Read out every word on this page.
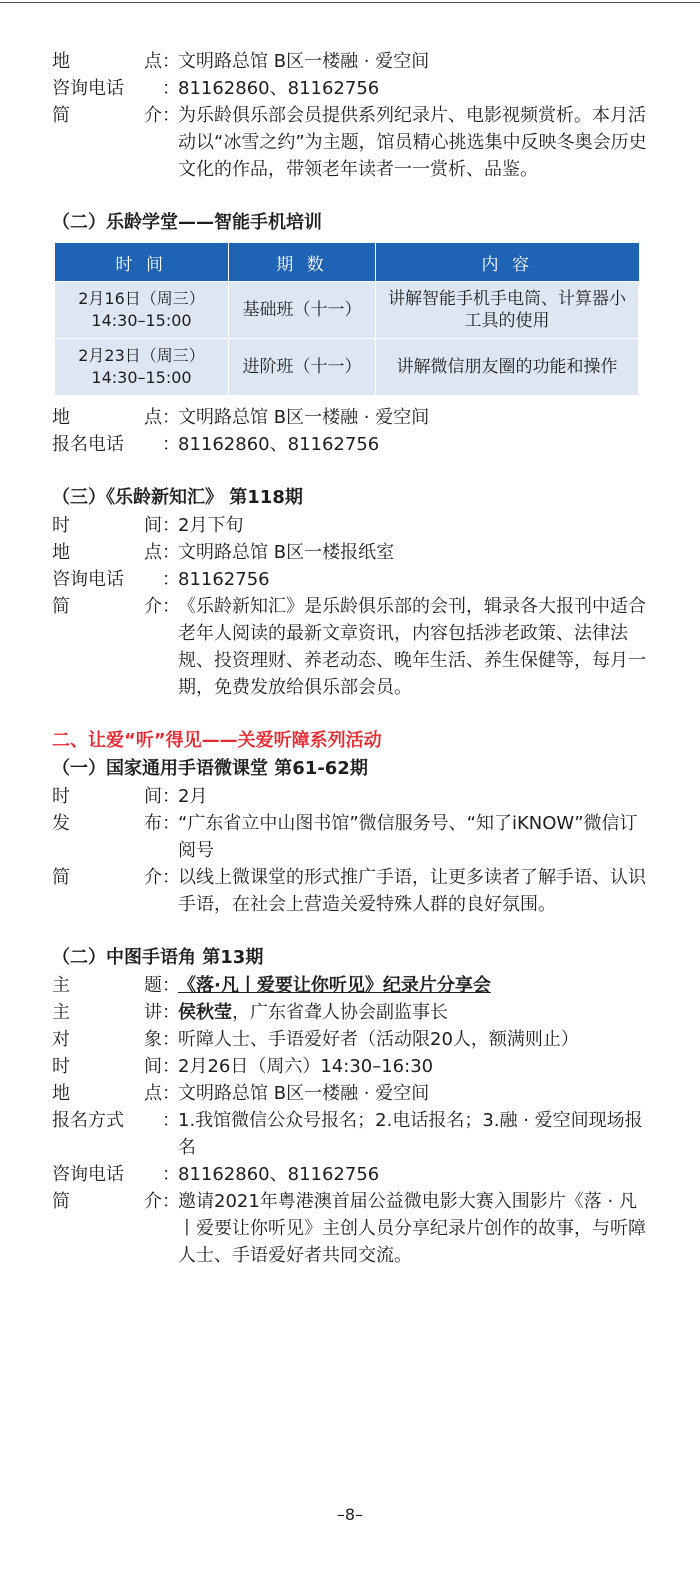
地	点 ：
文明路总馆 B区一楼融 · 爱空间
咨询电话	：
81162860、81162756
简	介 ：
为乐龄俱乐部会员提供系列纪录片、电影视频赏析。本月活动以“冰雪之约”为主题，馆员精心挑选集中反映冬奥会历史文化的作品，带领老年读者一一赏析、品鉴。
（二）乐龄学堂——智能手机培训
时 间	期 数	内 容

2月16日（周三）
14:30–15:00	基础班（十一）	讲解智能手机手电筒、计算器小工具的使用

2月23日（周三）
14:30–15:00	进阶班（十一）	讲解微信朋友圈的功能和操作
地	点 ：
文明路总馆 B区一楼融 · 爱空间
报名电话	：
81162860、81162756
（三）《乐龄新知汇》 第118期
时	间 ：
2月下旬
地	点 ：
文明路总馆 B区一楼报纸室
咨询电话	：
81162756
简	介 ：
《乐龄新知汇》是乐龄俱乐部的会刊，辑录各大报刊中适合老年人阅读的最新文章资讯，内容包括涉老政策、法律法规、投资理财、养老动态、晚年生活、养生保健等，每月一期，免费发放给俱乐部会员。
二、让爱“听”得见——关爱听障系列活动
（一）国家通用手语微课堂 第61-62期
时	间 ：
2月
发	布 ：
“广东省立中山图书馆”微信服务号、“知了iKNOW”微信订阅号
简	介 ：
以线上微课堂的形式推广手语，让更多读者了解手语、认识手语，在社会上营造关爱特殊人群的良好氛围。
（二）中图手语角 第13期
主	题 ：
《落·凡丨爱要让你听见》纪录片分享会
主	讲 ：
侯秋莹，广东省聋人协会副监事长
对	象 ：
听障人士、手语爱好者（活动限20人，额满则止）
时	间 ：
2月26日（周六）14:30–16:30
地	点 ：
文明路总馆 B区一楼融 · 爱空间
报名方式	：
1.我馆微信公众号报名；2.电话报名；3.融 · 爱空间现场报名
咨询电话	：
81162860、81162756
简	介 ：
邀请2021年粤港澳首届公益微电影大赛入围影片《落 · 凡丨爱要让你听见》主创人员分享纪录片创作的故事，与听障人士、手语爱好者共同交流。
–8–
